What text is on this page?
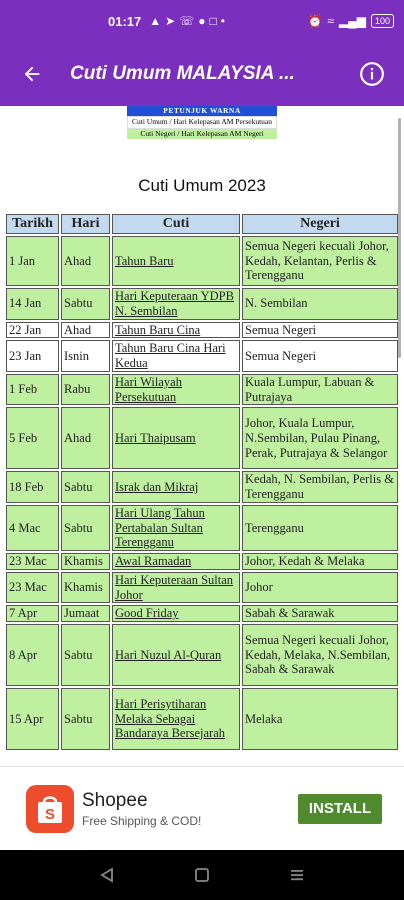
01:17 ▲ ➤ ☏ ● □ •	⏰ ≈ ▂▄▆	100
Cuti Umum MALAYSIA ...
PETUNJUK WARNA
Cuti Umum / Hari Kelepasan AM Persekutuan
Cuti Negeri / Hari Kelepasan AM Negeri
Cuti Umum 2023
Tarikh	Hari	Cuti	Negeri
1 Jan	Ahad	Tahun Baru	Semua Negeri kecuali Johor, Kedah, Kelantan, Perlis & Terengganu
14 Jan	Sabtu	Hari Keputeraan YDPB N. Sembilan	N. Sembilan
22 Jan	Ahad	Tahun Baru Cina	Semua Negeri
23 Jan	Isnin	Tahun Baru Cina Hari Kedua	Semua Negeri
1 Feb	Rabu	Hari Wilayah Persekutuan	Kuala Lumpur, Labuan & Putrajaya
5 Feb	Ahad	Hari Thaipusam	Johor, Kuala Lumpur, N.Sembilan, Pulau Pinang, Perak, Putrajaya & Selangor
18 Feb	Sabtu	Israk dan Mikraj	Kedah, N. Sembilan, Perlis & Terengganu
4 Mac	Sabtu	Hari Ulang Tahun Pertabalan Sultan Terengganu	Terengganu
23 Mac	Khamis	Awal Ramadan	Johor, Kedah & Melaka
23 Mac	Khamis	Hari Keputeraan Sultan Johor	Johor
7 Apr	Jumaat	Good Friday	Sabah & Sarawak
8 Apr	Sabtu	Hari Nuzul Al-Quran	Semua Negeri kecuali Johor, Kedah, Melaka, N.Sembilan, Sabah & Sarawak
15 Apr	Sabtu	Hari Perisytiharan Melaka Sebagai Bandaraya Bersejarah	Melaka
S
Shopee
Free Shipping & COD!
INSTALL
